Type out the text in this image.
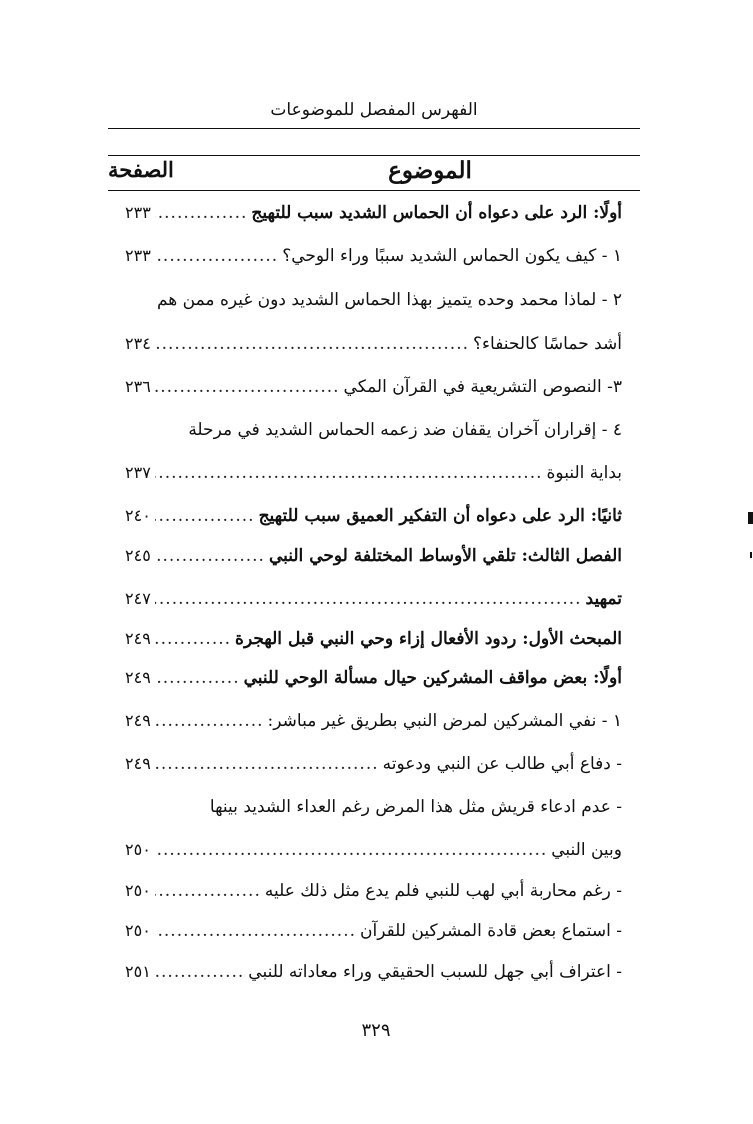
الفهرس المفصل للموضوعات
الموضوع
الصفحة
أولًا: الرد على دعواه أن الحماس الشديد سبب للتهيج
.....
٢٣٣
١ - كيف يكون الحماس الشديد سببًا وراء الوحي؟
.....
٢٣٣
٢ - لماذا محمد وحده يتميز بهذا الحماس الشديد دون غيره ممن هم
أشد حماسًا كالحنفاء؟
.....
٢٣٤
٣- النصوص التشريعية في القرآن المكي
.....
٢٣٦
٤ - إقراران آخران يقفان ضد زعمه الحماس الشديد في مرحلة
بداية النبوة
.....
٢٣٧
ثانيًا: الرد على دعواه أن التفكير العميق سبب للتهيج
.....
٢٤٠
الفصل الثالث: تلقي الأوساط المختلفة لوحي النبي
.....
٢٤٥
تمهيد
.....
٢٤٧
المبحث الأول: ردود الأفعال إزاء وحي النبي قبل الهجرة
.....
٢٤٩
أولًا: بعض مواقف المشركين حيال مسألة الوحي للنبي
.....
٢٤٩
١ - نفي المشركين لمرض النبي بطريق غير مباشر:
.....
٢٤٩
- دفاع أبي طالب عن النبي ودعوته
.....
٢٤٩
- عدم ادعاء قريش مثل هذا المرض رغم العداء الشديد بينها
وبين النبي
.....
٢٥٠
- رغم محاربة أبي لهب للنبي فلم يدع مثل ذلك عليه
.....
٢٥٠
- استماع بعض قادة المشركين للقرآن
.....
٢٥٠
- اعتراف أبي جهل للسبب الحقيقي وراء معاداته للنبي
.....
٢٥١
٣٢٩
